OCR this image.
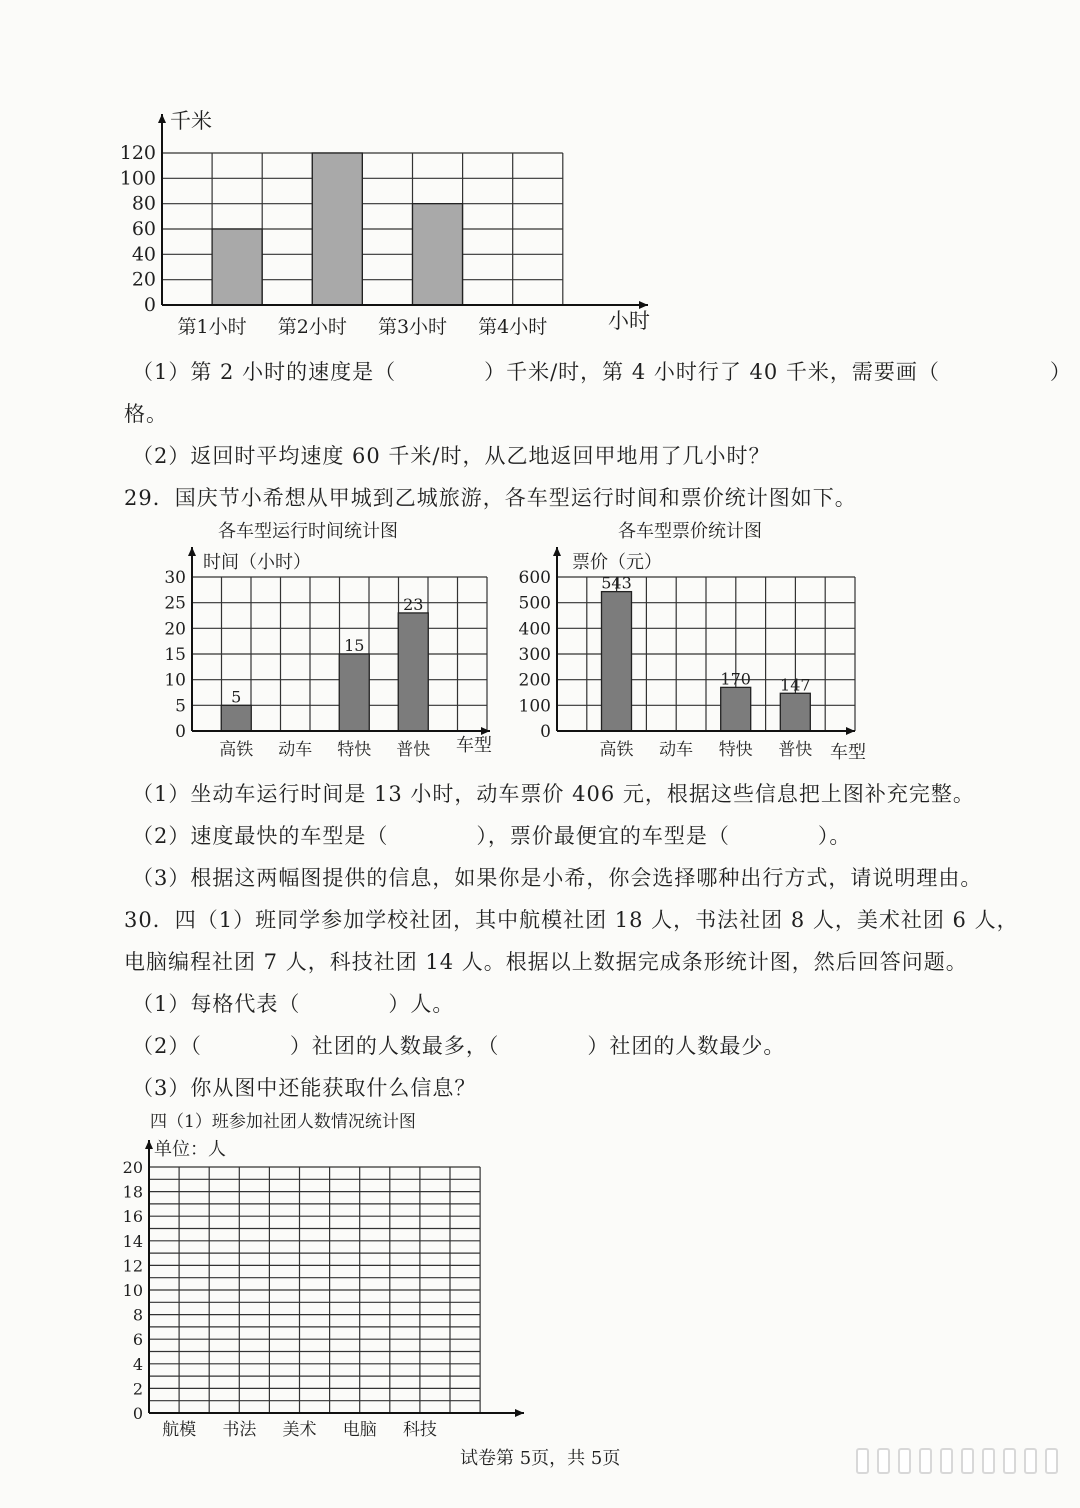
0
20
40
60
80
100
120
第1小时 第2小时 第3小时 第4小时
千米
小时
（1）第 2 小时的速度是（　　　　）千米/时，第 4 小时行了 40 千米，需要画（　　　　　）
格。
（2）返回时平均速度 60 千米/时，从乙地返回甲地用了几小时？
29．国庆节小希想从甲城到乙城旅游，各车型运行时间和票价统计图如下。
各车型运行时间统计图
时间（小时）
5
15
23
0
5
10
15
20
25
30
高铁 动车 特快 普快 车型
各车型票价统计图
票价（元）
543
170 147
0
100
200
300
400
500
600
高铁 动车 特快 普快 车型
（1）坐动车运行时间是 13 小时，动车票价 406 元，根据这些信息把上图补充完整。
（2）速度最快的车型是（　　　　），票价最便宜的车型是（　　　　）。
（3）根据这两幅图提供的信息，如果你是小希，你会选择哪种出行方式，请说明理由。
30．四（1）班同学参加学校社团，其中航模社团 18 人，书法社团 8 人，美术社团 6 人，
电脑编程社团 7 人，科技社团 14 人。根据以上数据完成条形统计图，然后回答问题。
（1）每格代表（　　　　）人。
（2）（　　　　）社团的人数最多，（　　　　）社团的人数最少。
（3）你从图中还能获取什么信息？
四（1）班参加社团人数情况统计图
单位：人
0
2
4
6
8
10
12
14
16
18
20
航模 书法 美术 电脑 科技
试卷第 5页，共 5页
